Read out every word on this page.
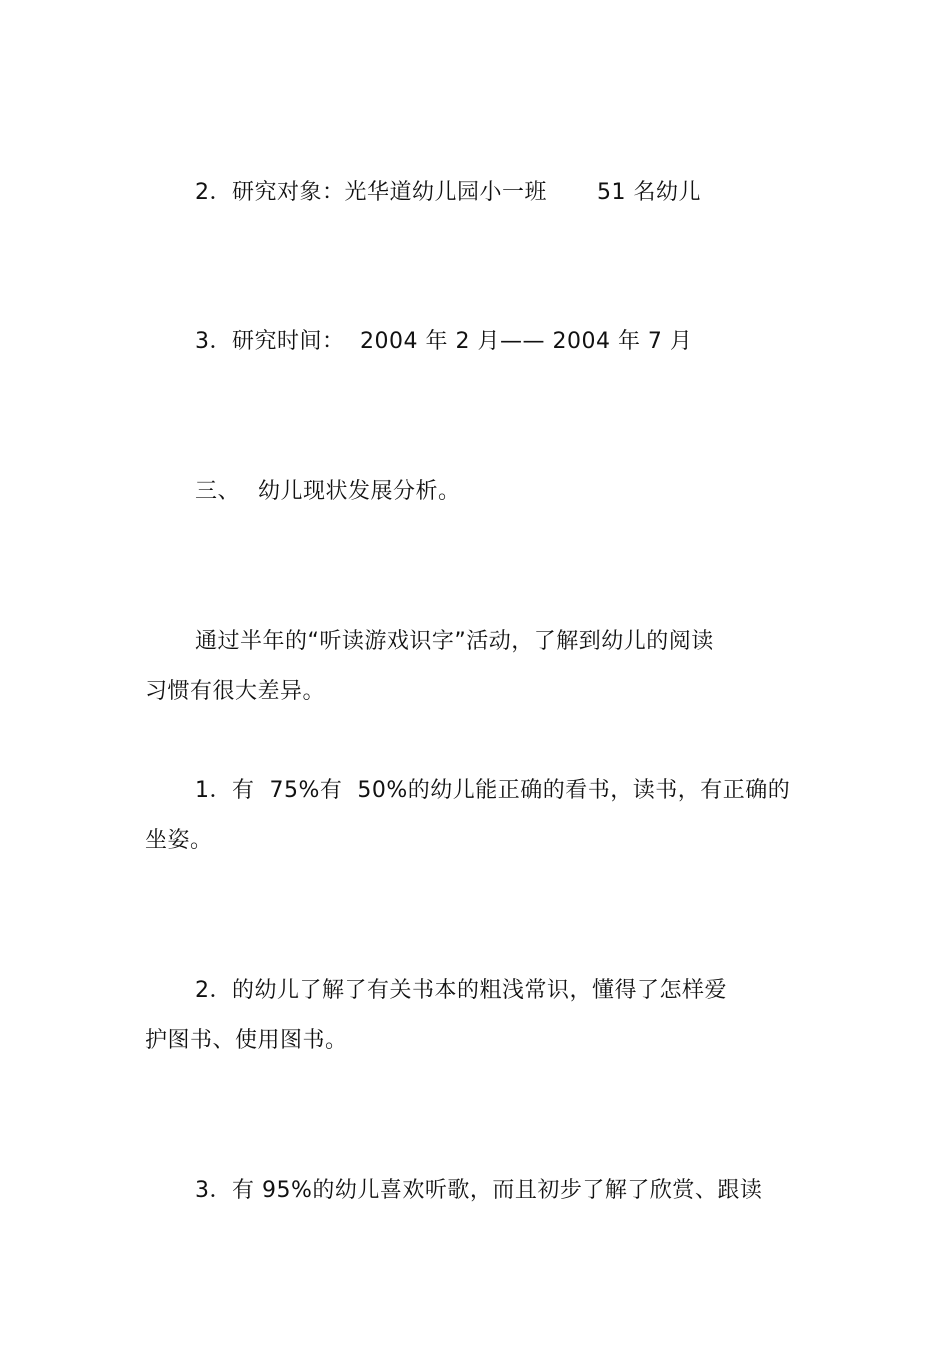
2．研究对象：光华道幼儿园小一班

51 名幼儿

3．研究时间：

2004 年 2 月—— 2004 年 7 月

三、

幼儿现状发展分析。

通过半年的“听读游戏识字”活动，了解到幼儿的阅读

习惯有很大差异。

1．有  75%有  50%的幼儿能正确的看书，读书，有正确的

坐姿。

2．的幼儿了解了有关书本的粗浅常识，懂得了怎样爱

护图书、使用图书。

3．有 95%的幼儿喜欢听歌，而且初步了解了欣赏、跟读
